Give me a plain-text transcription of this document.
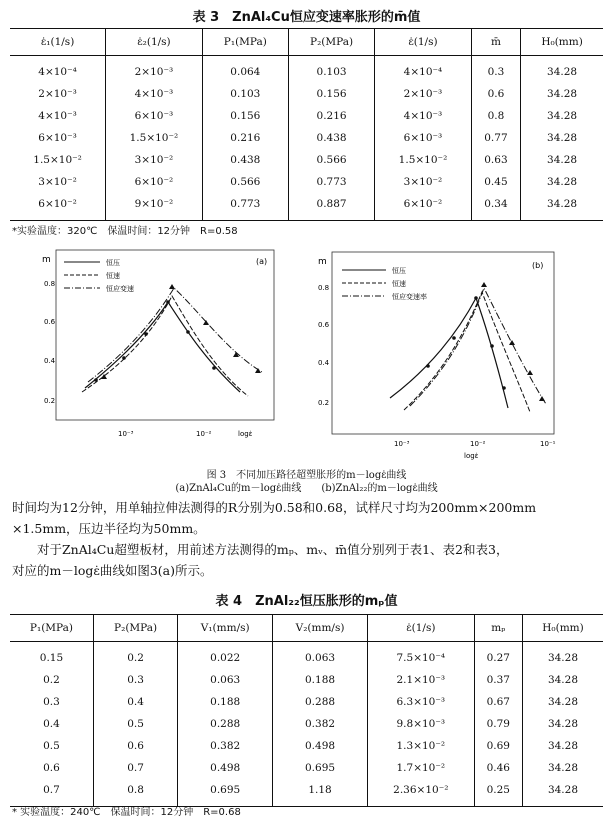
表 3　ZnAl₄Cu恒应变速率胀形的m̄值
ε̇₁(1/s)	ε̇₂(1/s)	P₁(MPa)	P₂(MPa)	ε̇(1/s)	m̄	H₀(mm)
4×10⁻⁴	2×10⁻³	0.064	0.103	4×10⁻⁴	0.3	34.28
2×10⁻³	4×10⁻³	0.103	0.156	2×10⁻³	0.6	34.28
4×10⁻³	6×10⁻³	0.156	0.216	4×10⁻³	0.8	34.28
6×10⁻³	1.5×10⁻²	0.216	0.438	6×10⁻³	0.77	34.28
1.5×10⁻²	3×10⁻²	0.438	0.566	1.5×10⁻²	0.63	34.28
3×10⁻²	6×10⁻²	0.566	0.773	3×10⁻²	0.45	34.28
6×10⁻²	9×10⁻²	0.773	0.887	6×10⁻²	0.34	34.28
*实验温度：320℃　保温时间：12分钟　R=0.58
m	(a)
0.2
0.4
0.6
0.8
10⁻³	10⁻²	logε̇
恒压
恒速
恒应变速
m	(b)
0.2
0.4
0.6
0.8
10⁻³	10⁻²	10⁻¹
logε̇
恒压
恒速
恒应变速率
图 3　不同加压路径超塑胀形的m－logε̇曲线
(a)ZnAl₄Cu的m－logε̇曲线　　(b)ZnAl₂₂的m－logε̇曲线
时间均为12分钟，用单轴拉伸法测得的R分别为0.58和0.68，试样尺寸均为200mm×200mm
×1.5mm，压边半径均为50mm。
　　对于ZnAl₄Cu超塑板材，用前述方法测得的mₚ、mᵥ、m̄值分别列于表1、表2和表3，
对应的m－logε̇曲线如图3(a)所示。
表 4　ZnAl₂₂恒压胀形的mₚ值
P₁(MPa)	P₂(MPa)	V₁(mm/s)	V₂(mm/s)	ε̇(1/s)	mₚ	H₀(mm)
0.15	0.2	0.022	0.063	7.5×10⁻⁴	0.27	34.28
0.2	0.3	0.063	0.188	2.1×10⁻³	0.37	34.28
0.3	0.4	0.188	0.288	6.3×10⁻³	0.67	34.28
0.4	0.5	0.288	0.382	9.8×10⁻³	0.79	34.28
0.5	0.6	0.382	0.498	1.3×10⁻²	0.69	34.28
0.6	0.7	0.498	0.695	1.7×10⁻²	0.46	34.28
0.7	0.8	0.695	1.18	2.36×10⁻²	0.25	34.28
* 实验温度：240℃　保温时间：12分钟　R=0.68
